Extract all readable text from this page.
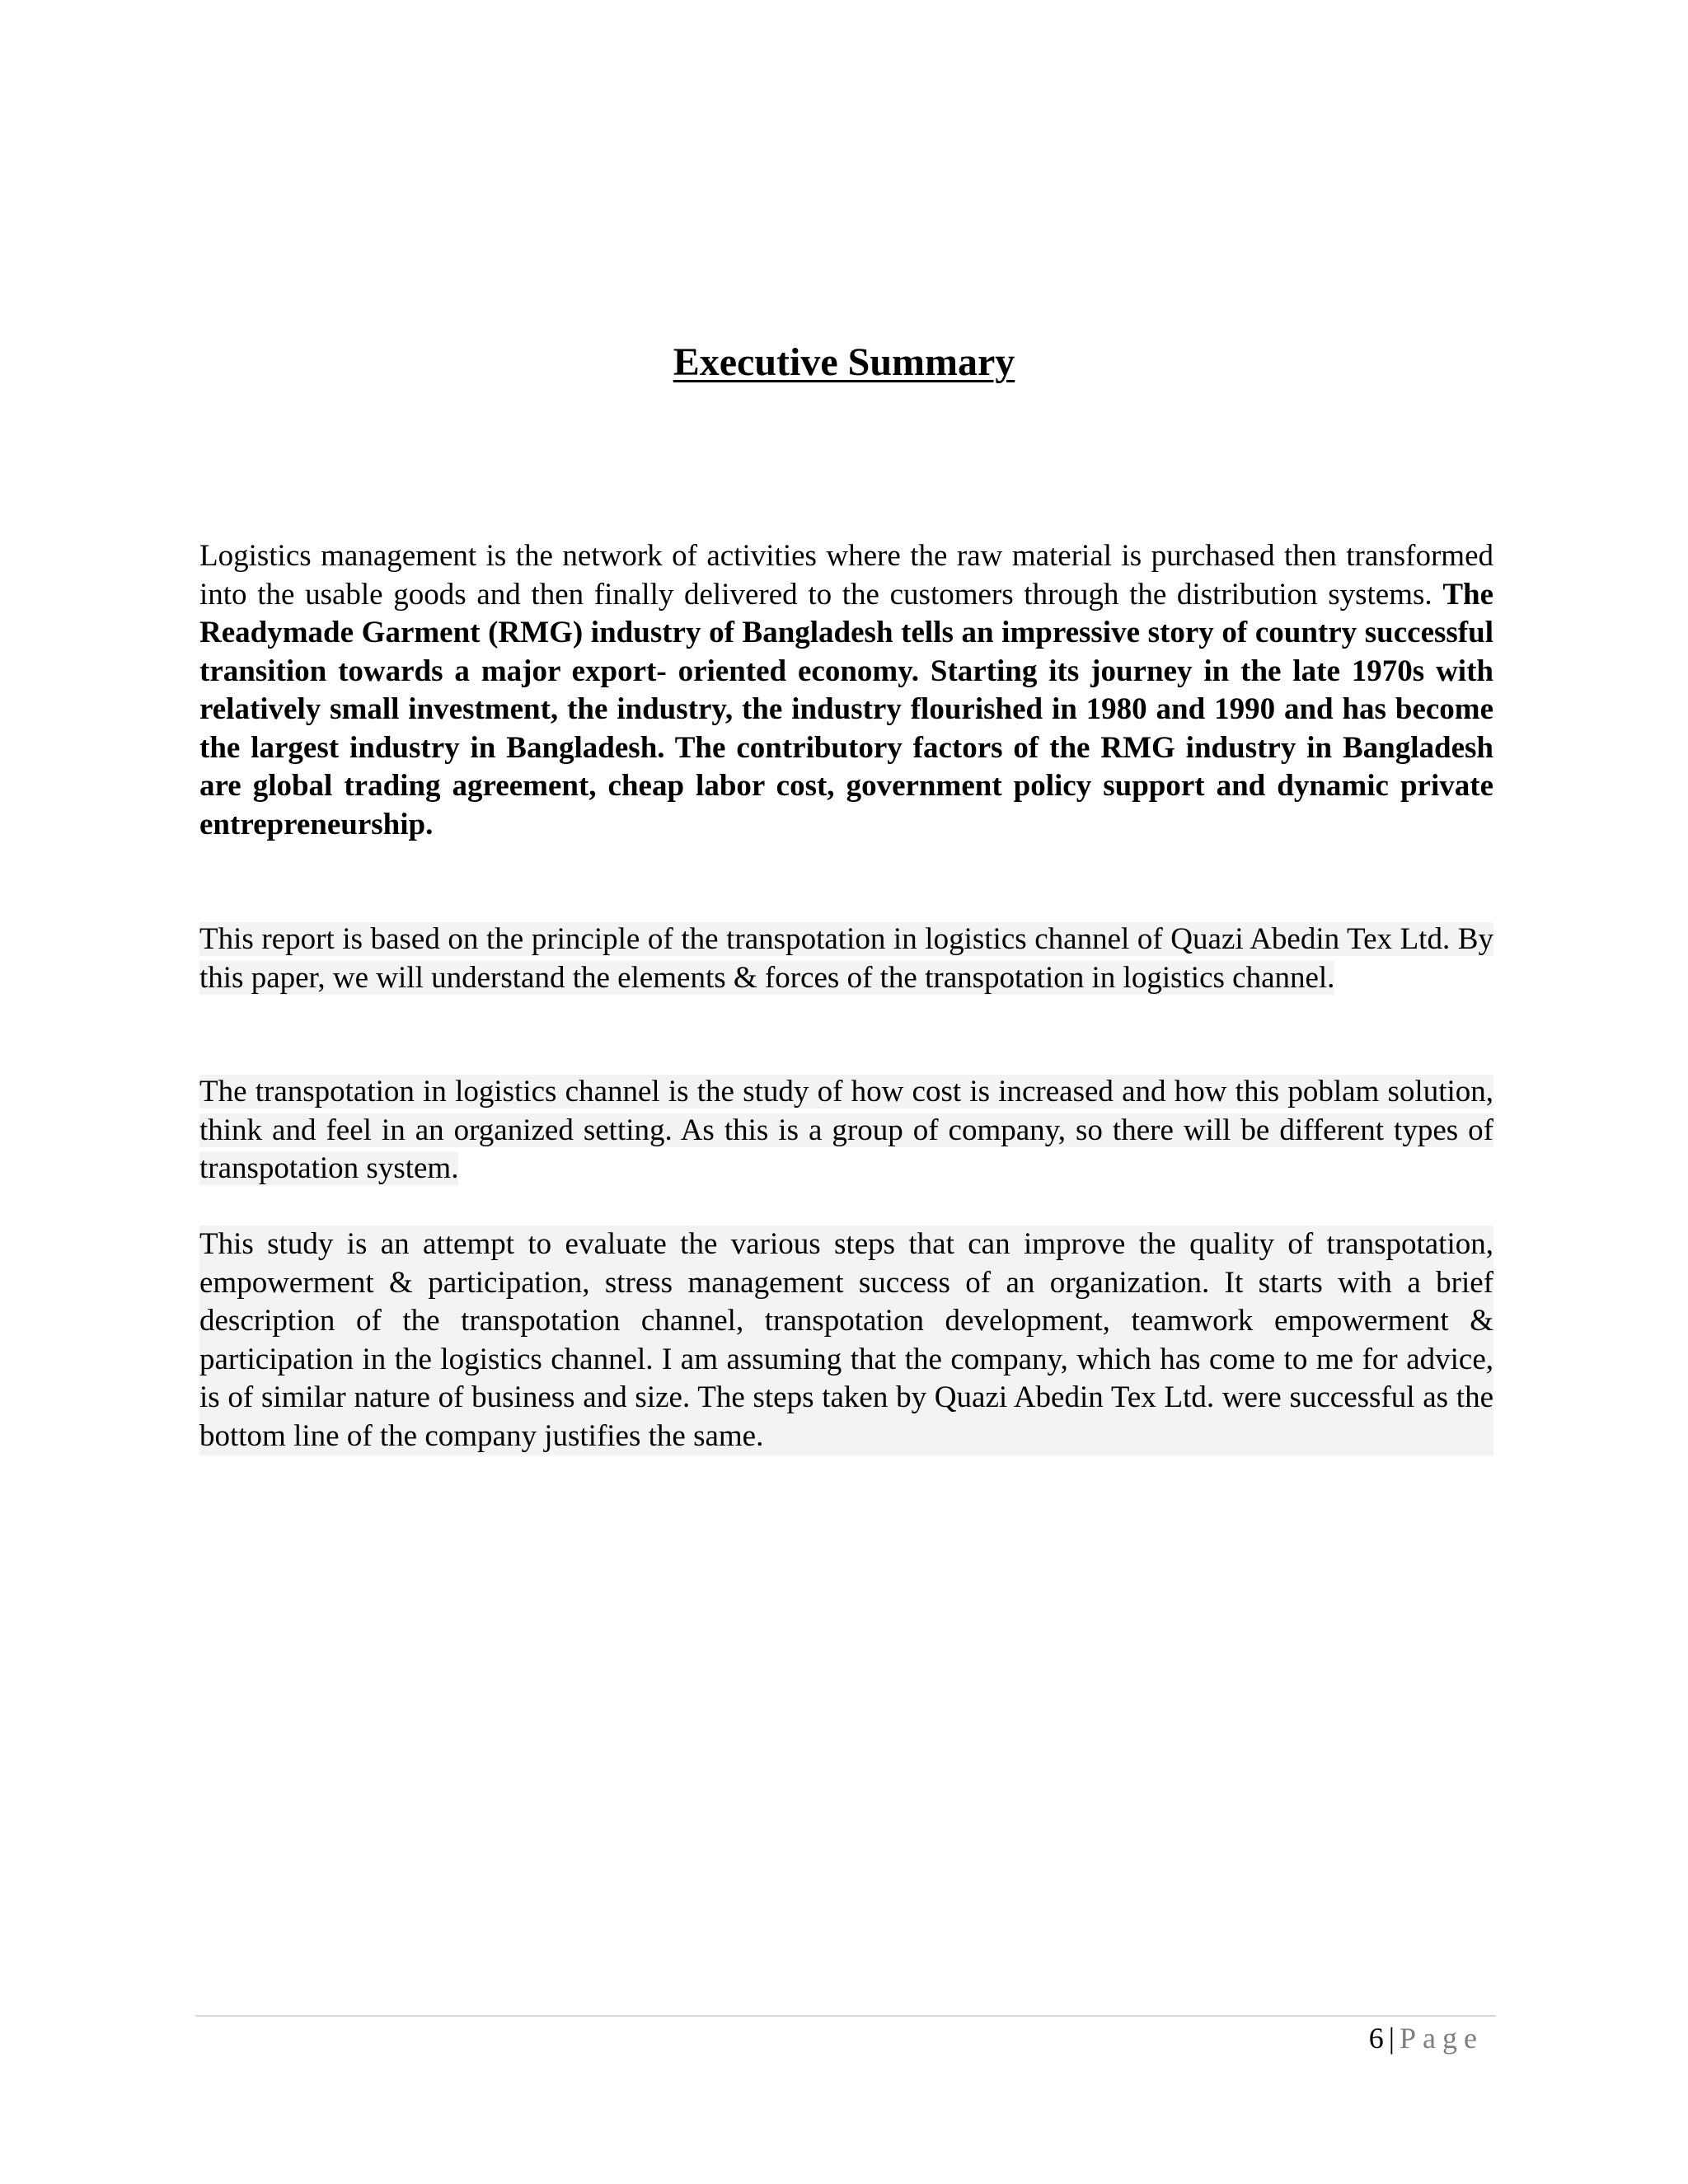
Executive Summary
Logistics management is the network of activities where the raw material is purchased then transformed into the usable goods and then finally delivered to the customers through the distribution systems. The Readymade Garment (RMG) industry of Bangladesh tells an impressive story of country successful transition towards a major export- oriented economy. Starting its journey in the late 1970s with relatively small investment, the industry, the industry flourished in 1980 and 1990 and has become the largest industry in Bangladesh. The contributory factors of the RMG industry in Bangladesh are global trading agreement, cheap labor cost, government policy support and dynamic private entrepreneurship.
This report is based on the principle of the transpotation in logistics channel of Quazi Abedin Tex Ltd. By this paper, we will understand the elements & forces of the transpotation in logistics channel.
The transpotation in logistics channel is the study of how cost is increased and how this poblam solution, think and feel in an organized setting. As this is a group of company, so there will be different types of transpotation system.
This study is an attempt to evaluate the various steps that can improve the quality of transpotation, empowerment & participation, stress management success of an organization. It starts with a brief description of the transpotation channel, transpotation development, teamwork empowerment & participation in the logistics channel. I am assuming that the company, which has come to me for advice, is of similar nature of business and size. The steps taken by Quazi Abedin Tex Ltd. were successful as the bottom line of the company justifies the same.
6 | Page
